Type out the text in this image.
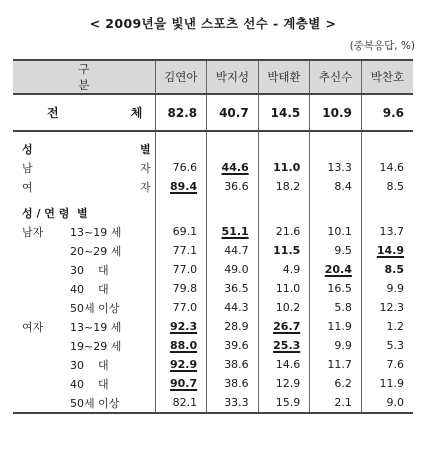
< 2009년을 빛낸 스포츠 선수 - 계층별 >
(중복응답, %)
구 분	김연아	박지성	박태환	추신수	박찬호
전 체	82.8	40.7	14.5	10.9	9.6

성 별					
남 자	76.6	44.6	11.0	13.3	14.6
여 자	89.4	36.6	18.2	8.4	8.5

성 / 연 령  별					
남자 13~19 세	69.1	51.1	21.6	10.1	13.7
20~29 세	77.1	44.7	11.5	9.5	14.9
30    대	77.0	49.0	4.9	20.4	8.5
40    대	79.8	36.5	11.0	16.5	9.9
50세 이상	77.0	44.3	10.2	5.8	12.3
여자 13~19 세	92.3	28.9	26.7	11.9	1.2
19~29 세	88.0	39.6	25.3	9.9	5.3
30    대	92.9	38.6	14.6	11.7	7.6
40    대	90.7	38.6	12.9	6.2	11.9
50세 이상	82.1	33.3	15.9	2.1	9.0
